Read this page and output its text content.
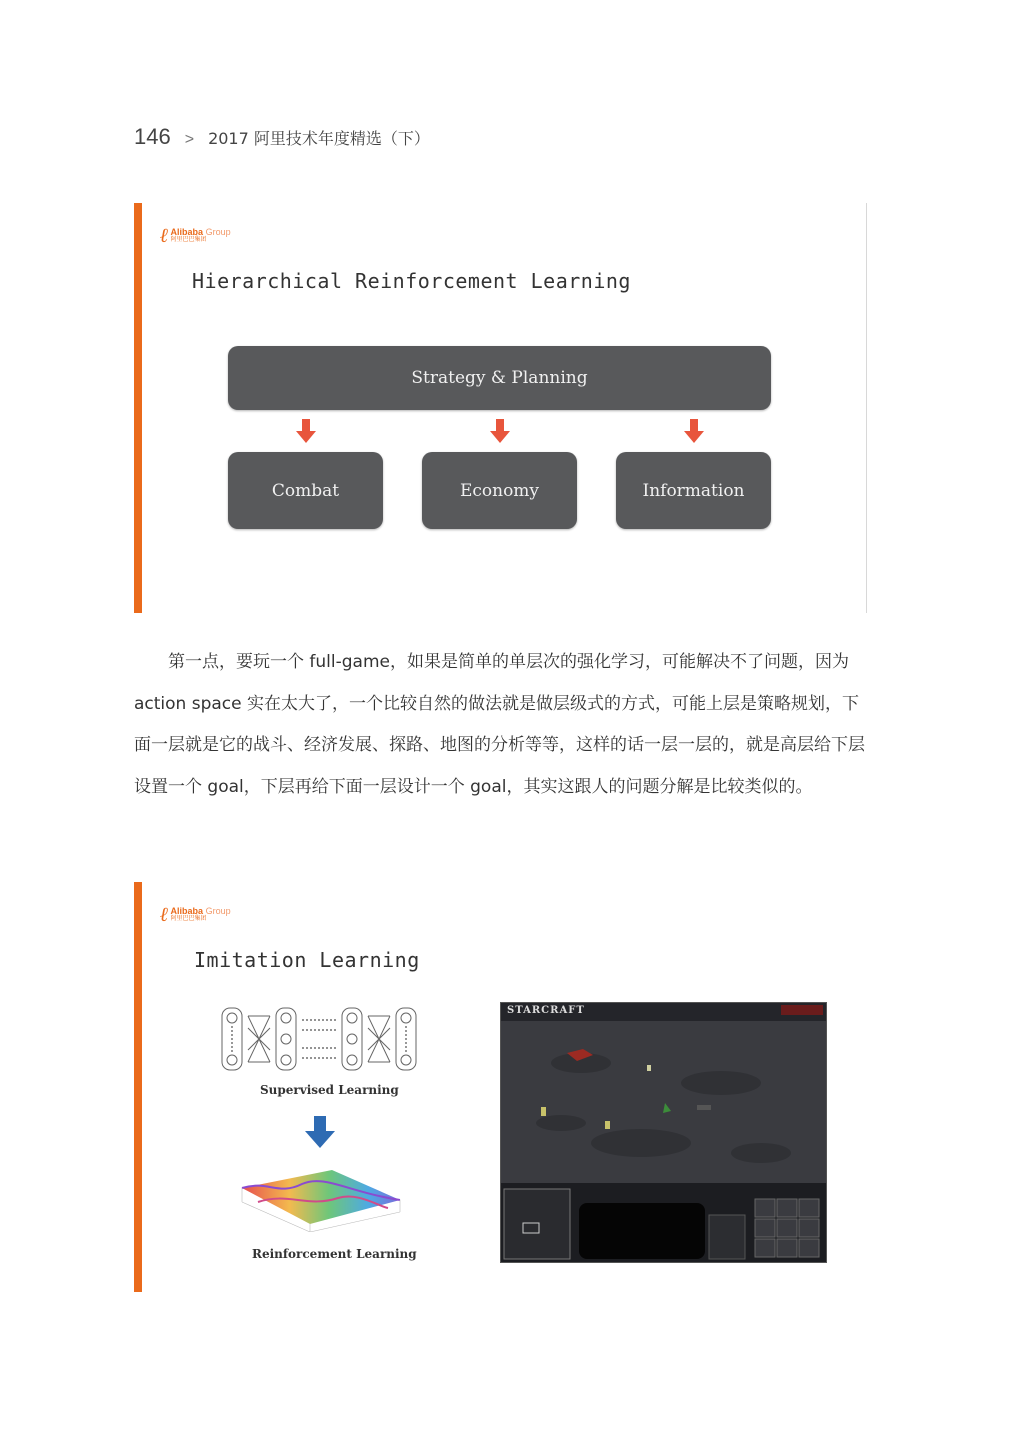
146 > 2017 阿里技术年度精选（下）
ℓ Alibaba Group
阿里巴巴集团
Hierarchical Reinforcement Learning
Strategy & Planning
Combat	Economy	Information

第一点，要玩一个 full-game，如果是简单的单层次的强化学习，可能解决不了问题，因为 action space 实在太大了，一个比较自然的做法就是做层级式的方式，可能上层是策略规划，下面一层就是它的战斗、经济发展、探路、地图的分析等等，这样的话一层一层的，就是高层给下层设置一个 goal，下层再给下面一层设计一个 goal，其实这跟人的问题分解是比较类似的。

ℓ Alibaba Group
阿里巴巴集团
Imitation Learning
Supervised Learning
Reinforcement Learning
STARCRAFT
